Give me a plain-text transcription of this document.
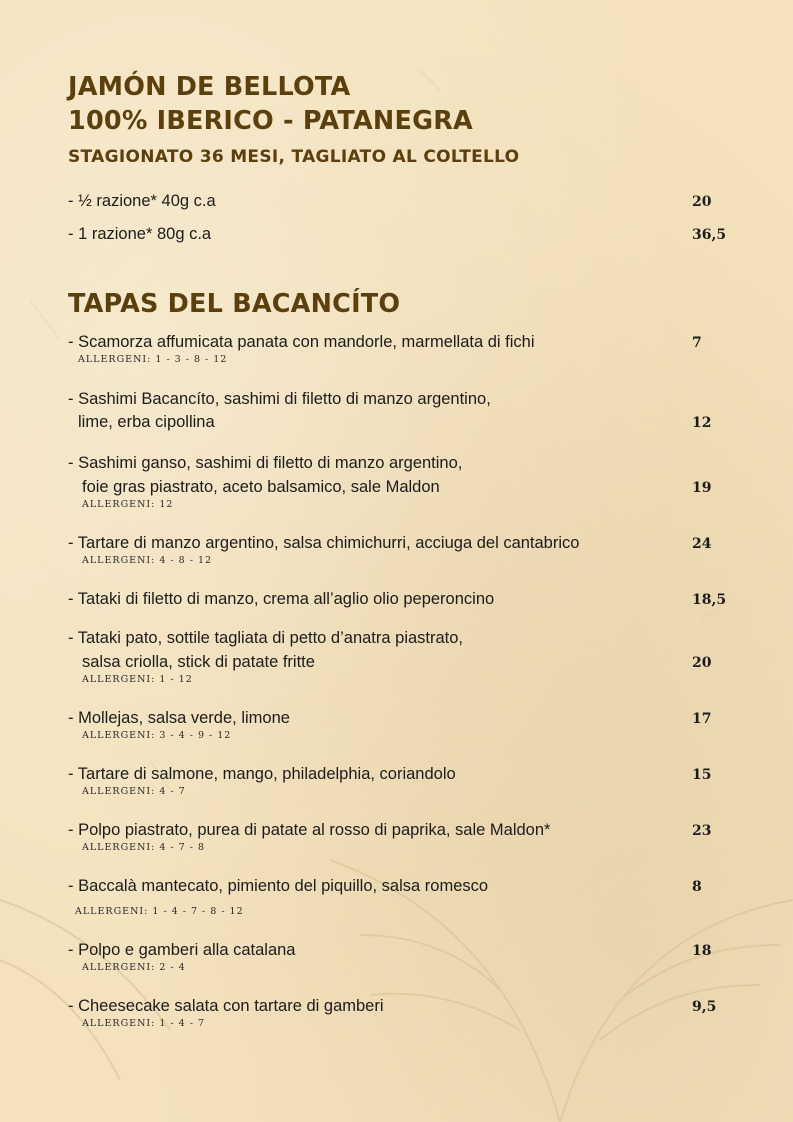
JAMÓN DE BELLOTA
100% IBERICO - PATANEGRA
STAGIONATO 36 MESI, TAGLIATO AL COLTELLO

- ½ razione* 40g c.a	20

- 1 razione* 80g c.a	36,5

TAPAS DEL BACANCÍTO

- Scamorza affumicata panata con mandorle, marmellata di fichi	7

ALLERGENI: 1 - 3 - 8 - 12

- Sashimi Bacancíto, sashimi di filetto di manzo argentino,

lime, erba cipollina	12

- Sashimi ganso, sashimi di filetto di manzo argentino,

foie gras piastrato, aceto balsamico, sale Maldon	19

ALLERGENI: 12

- Tartare di manzo argentino, salsa chimichurri, acciuga del cantabrico	24

ALLERGENI: 4 - 8 - 12

- Tataki di filetto di manzo, crema all’aglio olio peperoncino	18,5

- Tataki pato, sottile tagliata di petto d’anatra piastrato,

salsa criolla, stick di patate fritte	20

ALLERGENI: 1 - 12

- Mollejas, salsa verde, limone	17

ALLERGENI: 3 - 4 - 9 - 12

- Tartare di salmone, mango, philadelphia, coriandolo	15

ALLERGENI: 4 - 7

- Polpo piastrato, purea di patate al rosso di paprika, sale Maldon*	23

ALLERGENI: 4 - 7 - 8

- Baccalà mantecato, pimiento del piquillo, salsa romesco	8

ALLERGENI: 1 - 4 - 7 - 8 - 12

- Polpo e gamberi alla catalana	18

ALLERGENI: 2 - 4

- Cheesecake salata con tartare di gamberi	9,5

ALLERGENI: 1 - 4 - 7
